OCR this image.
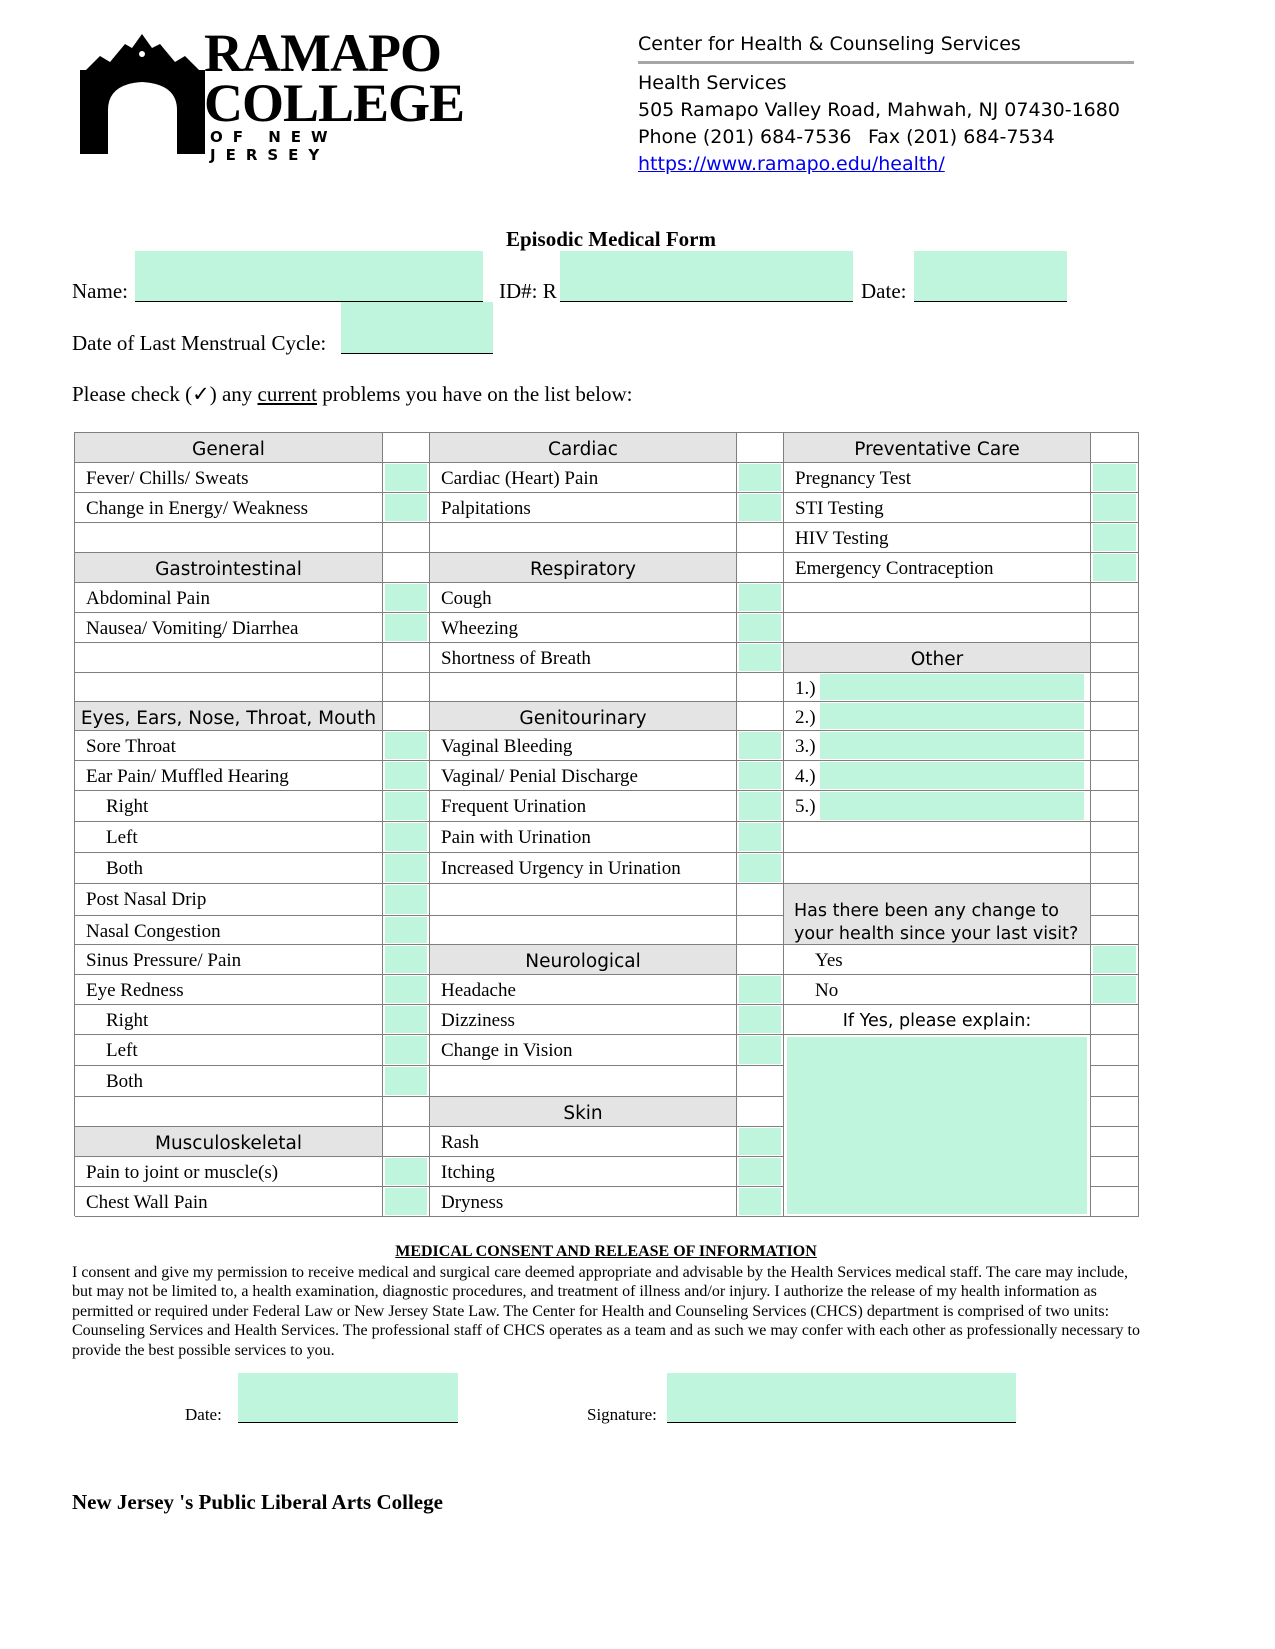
RAMAPO
COLLEGE
OF NEW JERSEY
Center for Health & Counseling Services
Health Services
505 Ramapo Valley Road, Mahwah, NJ 07430-1680
Phone (201) 684-7536 Fax (201) 684-7534
https://www.ramapo.edu/health/
Episodic Medical Form
Name:	ID#: R	Date:
Date of Last Menstrual Cycle:
Please check (✓) any current problems you have on the list below:
General
Fever/ Chills/ Sweats
Change in Energy/ Weakness
Gastrointestinal
Abdominal Pain
Nausea/ Vomiting/ Diarrhea
Eyes, Ears, Nose, Throat, Mouth
Sore Throat
Ear Pain/ Muffled Hearing
Right
Left
Both
Post Nasal Drip
Nasal Congestion
Sinus Pressure/ Pain
Eye Redness
Right
Left
Both
Musculoskeletal
Pain to joint or muscle(s)
Chest Wall Pain
Cardiac
Cardiac (Heart) Pain
Palpitations
Respiratory
Cough
Wheezing
Shortness of Breath
Genitourinary
Vaginal Bleeding
Vaginal/ Penial Discharge
Frequent Urination
Pain with Urination
Increased Urgency in Urination
Neurological
Headache
Dizziness
Change in Vision
Skin
Rash
Itching
Dryness
Preventative Care
Pregnancy Test
STI Testing
HIV Testing
Emergency Contraception
Other
1.)
2.)
3.)
4.)
5.)
Has there been any change to your health since your last visit?
Yes
No
If Yes, please explain:
MEDICAL CONSENT AND RELEASE OF INFORMATION
I consent and give my permission to receive medical and surgical care deemed appropriate and advisable by the Health Services medical staff. The care may include, but may not be limited to, a health examination, diagnostic procedures, and treatment of illness and/or injury. I authorize the release of my health information as permitted or required under Federal Law or New Jersey State Law. The Center for Health and Counseling Services (CHCS) department is comprised of two units: Counseling Services and Health Services. The professional staff of CHCS operates as a team and as such we may confer with each other as professionally necessary to provide the best possible services to you.
Date:	Signature:
New Jersey 's Public Liberal Arts College
